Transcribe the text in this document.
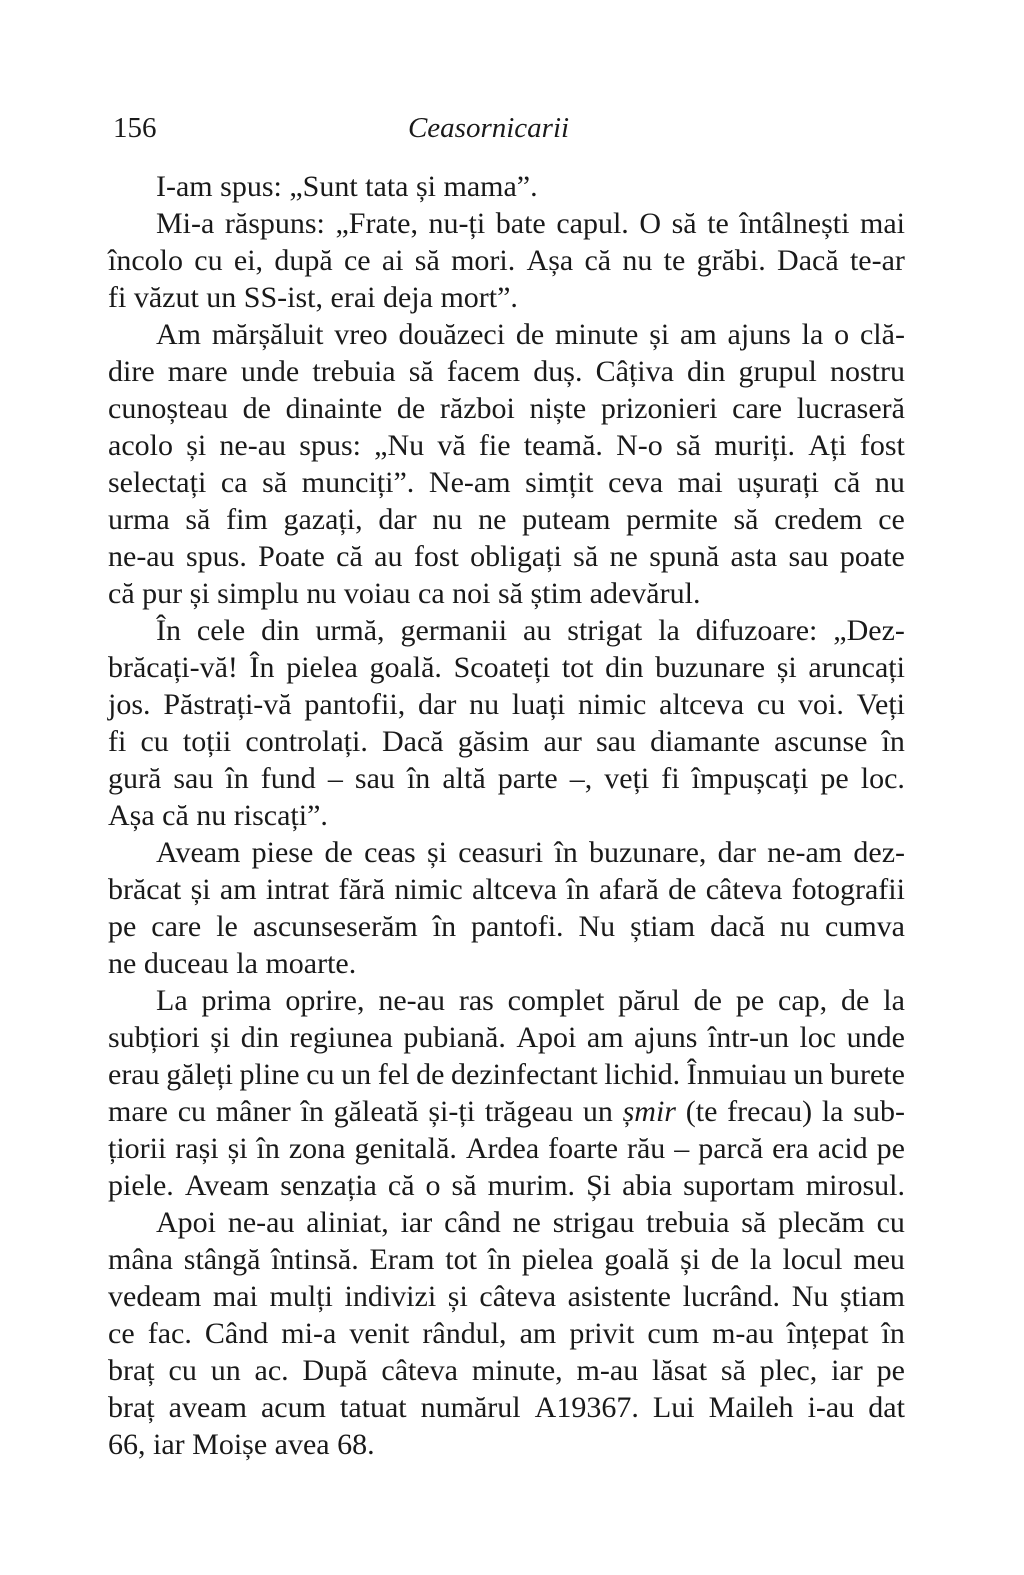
156	Ceasornicarii
I-am spus: „Sunt tata și mama”.
Mi-a răspuns: „Frate, nu-ți bate capul. O să te întâlnești mai
încolo cu ei, după ce ai să mori. Așa că nu te grăbi. Dacă te-ar
fi văzut un SS-ist, erai deja mort”.
Am mărșăluit vreo douăzeci de minute și am ajuns la o clă-
dire mare unde trebuia să facem duș. Câțiva din grupul nostru
cunoșteau de dinainte de război niște prizonieri care lucraseră
acolo și ne-au spus: „Nu vă fie teamă. N-o să muriți. Ați fost
selectați ca să munciți”. Ne-am simțit ceva mai ușurați că nu
urma să fim gazați, dar nu ne puteam permite să credem ce
ne-au spus. Poate că au fost obligați să ne spună asta sau poate
că pur și simplu nu voiau ca noi să știm adevărul.
În cele din urmă, germanii au strigat la difuzoare: „Dez-
brăcați-vă! În pielea goală. Scoateți tot din buzunare și aruncați
jos. Păstrați-vă pantofii, dar nu luați nimic altceva cu voi. Veți
fi cu toții controlați. Dacă găsim aur sau diamante ascunse în
gură sau în fund – sau în altă parte –, veți fi împușcați pe loc.
Așa că nu riscați”.
Aveam piese de ceas și ceasuri în buzunare, dar ne-am dez-
brăcat și am intrat fără nimic altceva în afară de câteva fotografii
pe care le ascunseserăm în pantofi. Nu știam dacă nu cumva
ne duceau la moarte.
La prima oprire, ne-au ras complet părul de pe cap, de la
subțiori și din regiunea pubiană. Apoi am ajuns într-un loc unde
erau găleți pline cu un fel de dezinfectant lichid. Înmuiau un burete
mare cu mâner în găleată și-ți trăgeau un șmir (te frecau) la sub-
țiorii rași și în zona genitală. Ardea foarte rău – parcă era acid pe
piele. Aveam senzația că o să murim. Și abia suportam mirosul.
Apoi ne-au aliniat, iar când ne strigau trebuia să plecăm cu
mâna stângă întinsă. Eram tot în pielea goală și de la locul meu
vedeam mai mulți indivizi și câteva asistente lucrând. Nu știam
ce fac. Când mi-a venit rândul, am privit cum m-au înțepat în
braț cu un ac. După câteva minute, m-au lăsat să plec, iar pe
braț aveam acum tatuat numărul A19367. Lui Maileh i-au dat
66, iar Moișe avea 68.
